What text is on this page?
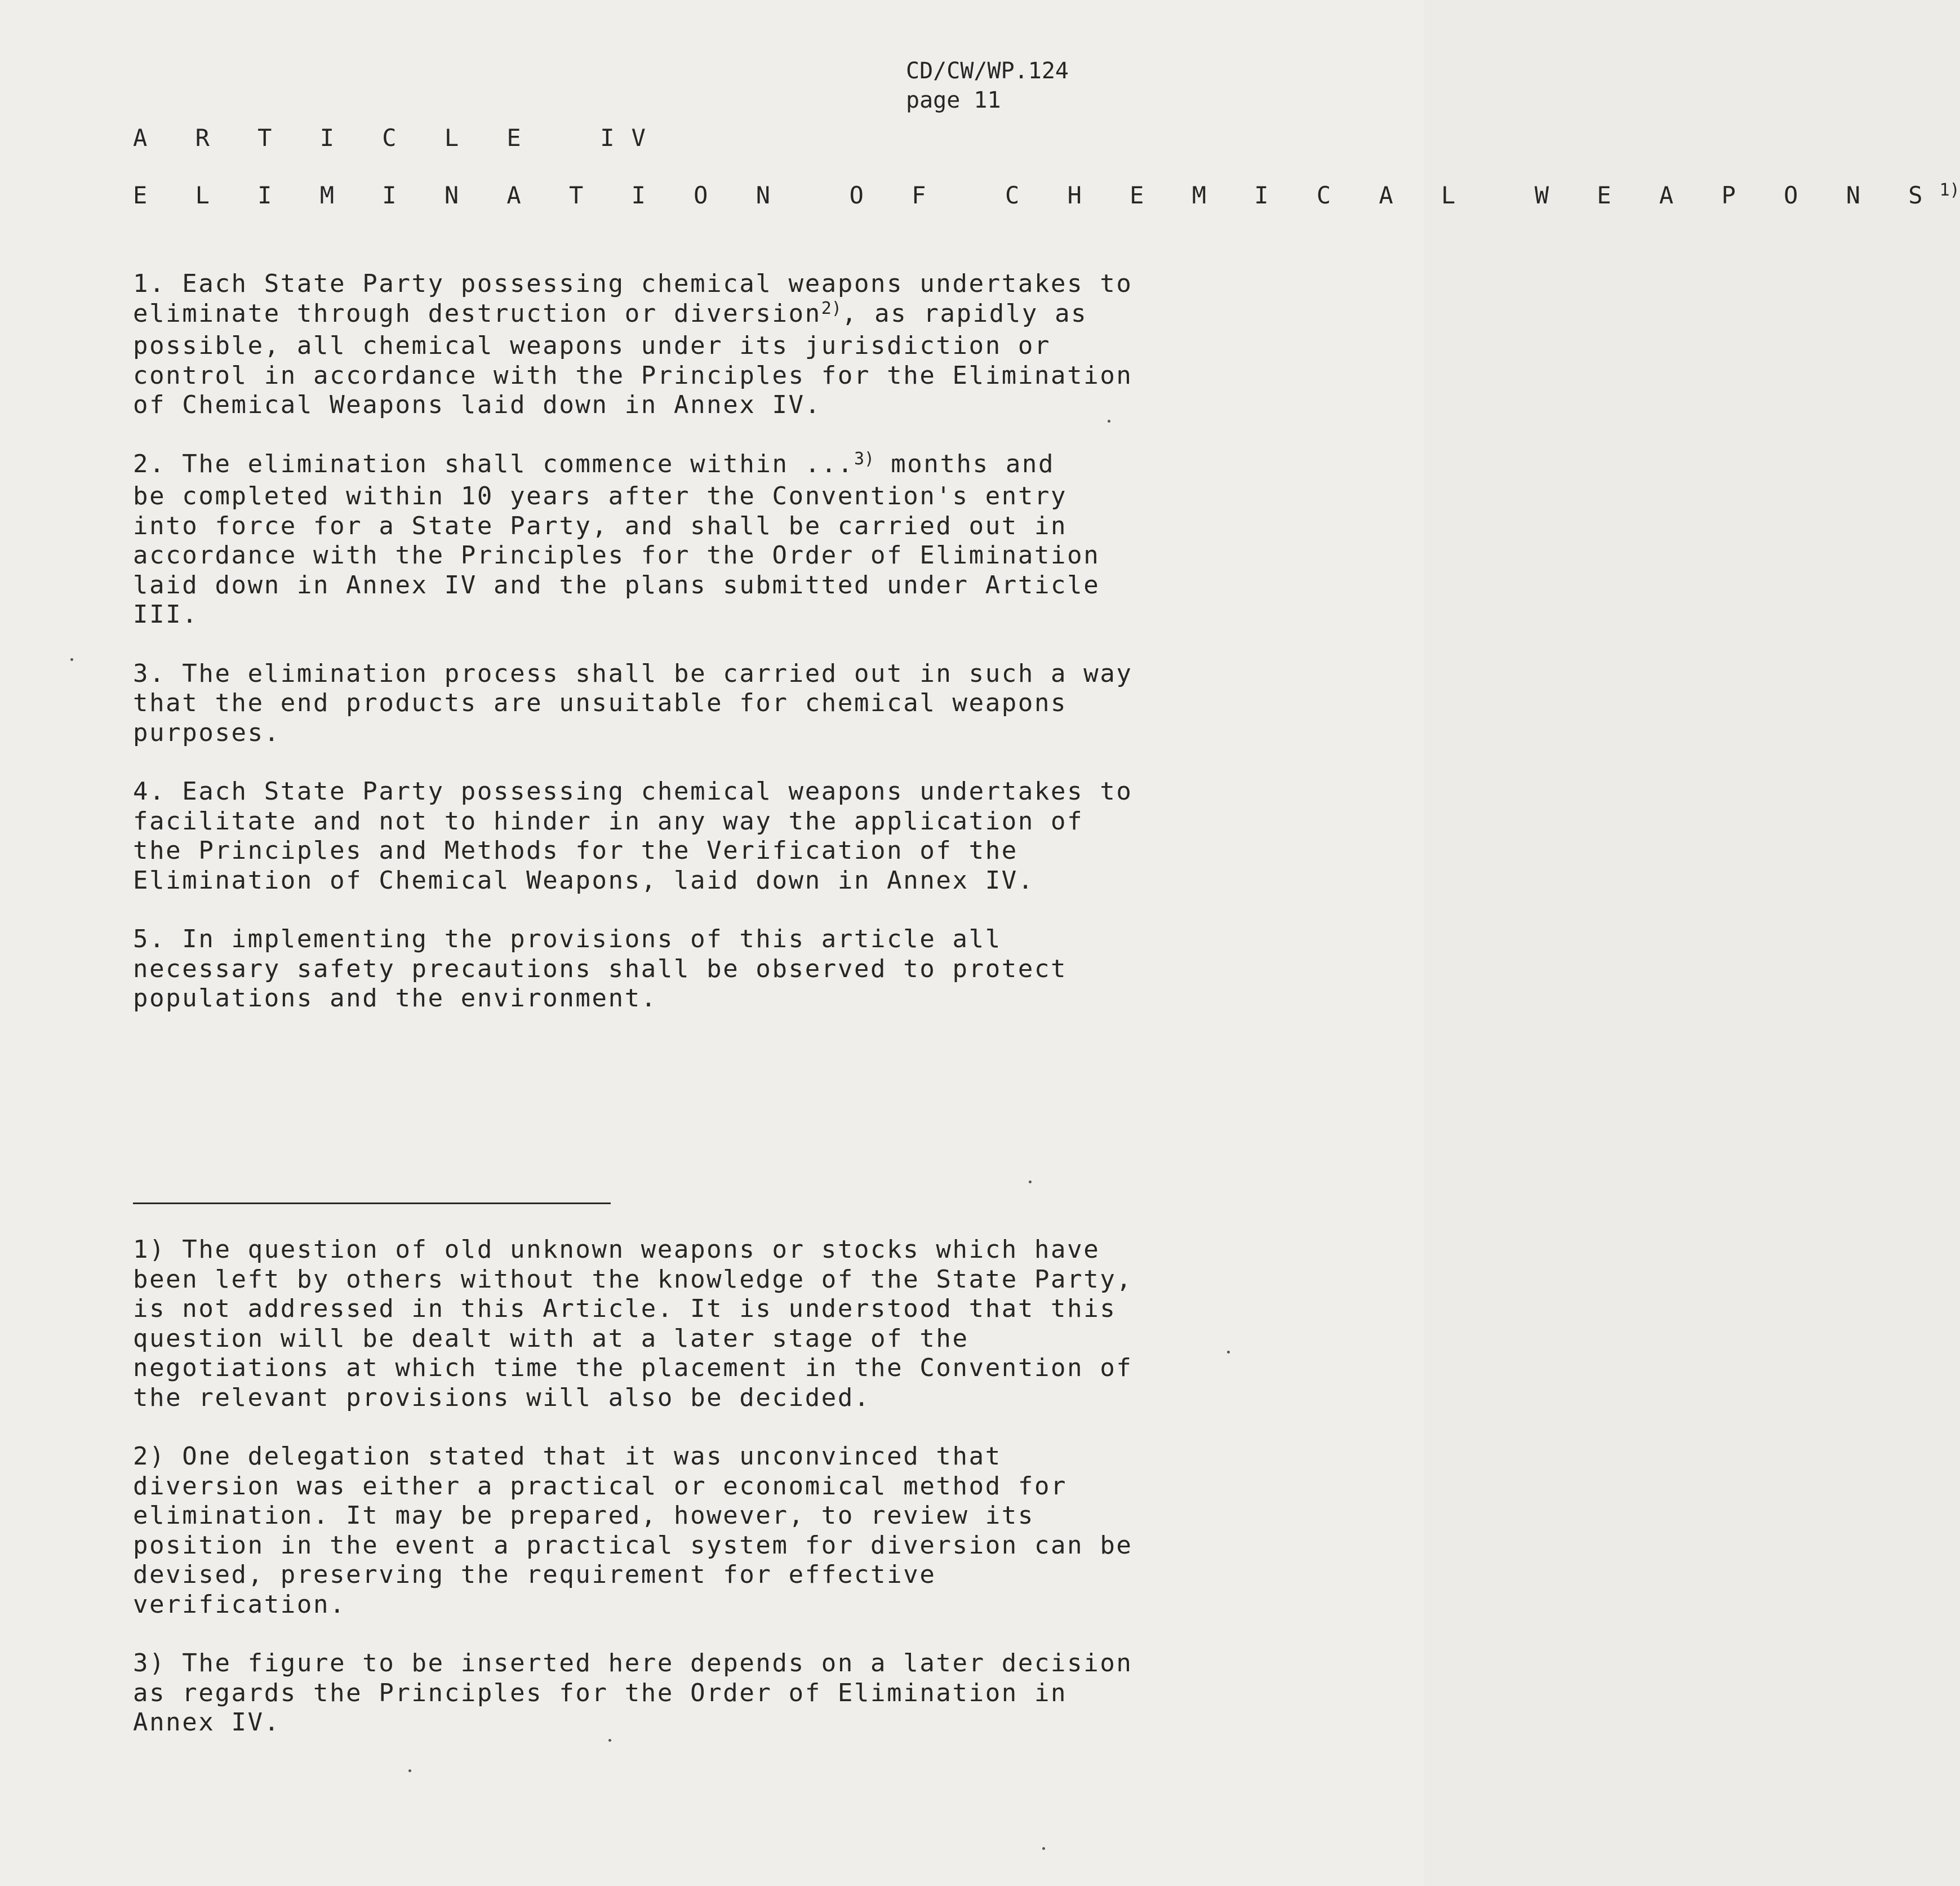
CD/CW/WP.124
page 11
A R T I C L E  IV
E L I M I N A T I O N  O F  C H E M I C A L  W E A P O N $S^{1)}$
1. Each State Party possessing chemical weapons undertakes to
eliminate through destruction or diversion$^{2)}$, as rapidly as
possible, all chemical weapons under its jurisdiction or
control in accordance with the Principles for the Elimination
of Chemical Weapons laid down in Annex IV.
2. The elimination shall commence within ...$^{3)}$ months and
be completed within 10 years after the Convention's entry
into force for a State Party, and shall be carried out in
accordance with the Principles for the Order of Elimination
laid down in Annex IV and the plans submitted under Article
III.
3. The elimination process shall be carried out in such a way
that the end products are unsuitable for chemical weapons
purposes.
4. Each State Party possessing chemical weapons undertakes to
facilitate and not to hinder in any way the application of
the Principles and Methods for the Verification of the
Elimination of Chemical Weapons, laid down in Annex IV.
5. In implementing the provisions of this article all
necessary safety precautions shall be observed to protect
populations and the environment.
1) The question of old unknown weapons or stocks which have
been left by others without the knowledge of the State Party,
is not addressed in this Article. It is understood that this
question will be dealt with at a later stage of the
negotiations at which time the placement in the Convention of
the relevant provisions will also be decided.
2) One delegation stated that it was unconvinced that
diversion was either a practical or economical method for
elimination. It may be prepared, however, to review its
position in the event a practical system for diversion can be
devised, preserving the requirement for effective
verification.
3) The figure to be inserted here depends on a later decision
as regards the Principles for the Order of Elimination in
Annex IV.
